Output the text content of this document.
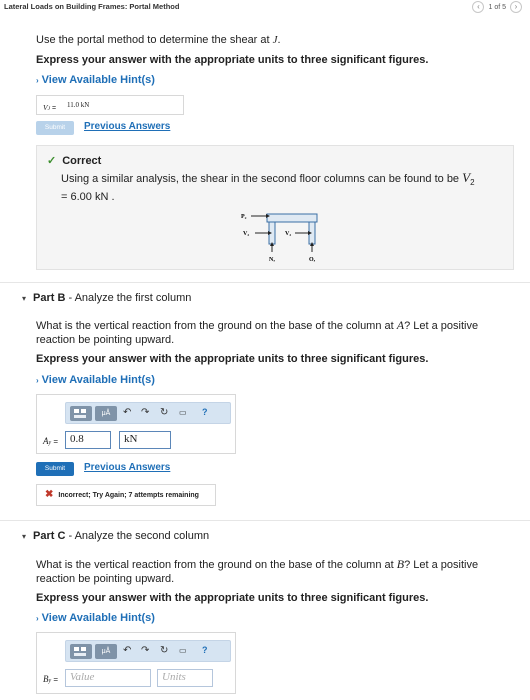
Lateral Loads on Building Frames: Portal Method	‹	1 of 5	›
Use the portal method to determine the shear at J.
Express your answer with the appropriate units to three significant figures.
› View Available Hint(s)
VJ = 11.0 kN
Submit	Previous Answers
✓ Correct
Using a similar analysis, the shear in the second floor columns can be found to be $V_2$
= 6.00 kN .
P₂
V₂	V₂
N,	O,
▾ Part B - Analyze the first column
What is the vertical reaction from the ground on the base of the column at A? Let a positive reaction be pointing upward.
Express your answer with the appropriate units to three significant figures.
› View Available Hint(s)
μÅ	↶ ↷ ↻ ▭ ?
Ay =	0.8	kN
Submit	Previous Answers
✖ Incorrect; Try Again; 7 attempts remaining
▾ Part C - Analyze the second column
What is the vertical reaction from the ground on the base of the column at B? Let a positive reaction be pointing upward.
Express your answer with the appropriate units to three significant figures.
› View Available Hint(s)
μÅ	↶ ↷ ↻ ▭ ?
By =	Value	Units
